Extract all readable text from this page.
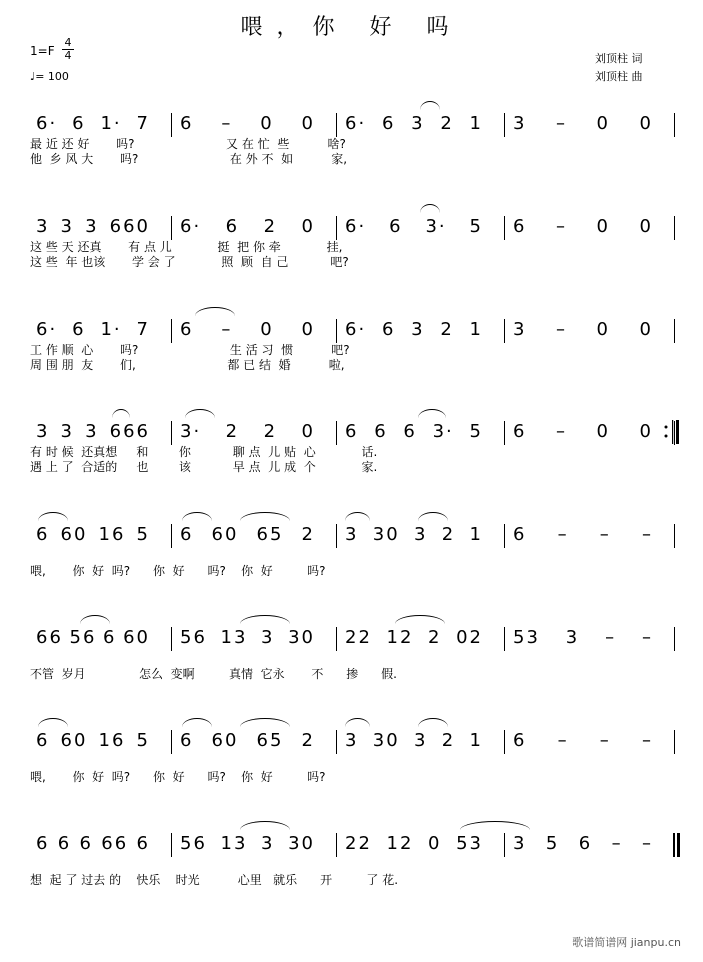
喂，你 好 吗
1=F
4
4
♩= 100
刘顶柱 词
刘顶柱 曲
6· 6 1· 7 6 – 0 0 6· 6 3 2 1 3 – 0 0
最 近 还 好       吗?                        又 在 忙  些          啥?
他  乡 风 大       吗?                        在 外 不  如          家,
3 3 3 660 6· 6 2 0 6· 6 3· 5 6 – 0 0
这 些 天 还真       有 点 儿            挺  把 你 牵            挂,
这 些  年 也该       学 会 了            照  顾  自 己           吧?
6· 6 1· 7 6 – 0 0 6· 6 3 2 1 3 – 0 0
工 作 顺  心       吗?                        生 活 习  惯          吧?
周 围 朋  友       们,                        都 已 结  婚          啦,
3 3 3 666 3· 2 2 0 6 6 6 3· 5 6 – 0 0
有 时 候  还真想     和        你           聊 点  儿 贴  心            话.
遇 上 了  合适的     也        该           早 点  儿 成  个            家.
6 60 16 5 6 60 65 2 3 30 3 2 1 6 – – –
喂,       你  好  吗?      你  好      吗?    你  好         吗?
66 56 6 60 56 13 3 30 22 12 2 02 53 3 – –
不管  岁月              怎么  变啊         真情  它永       不      掺      假.
6 60 16 5 6 60 65 2 3 30 3 2 1 6 – – –
喂,       你  好  吗?      你  好      吗?    你  好         吗?
6 6 6 66 6 56 13 3 30 22 12 0 53 3 5 6 – –
想  起 了 过去 的    快乐    时光          心里   就乐      开         了 花.
歌谱简谱网 jianpu.cn
